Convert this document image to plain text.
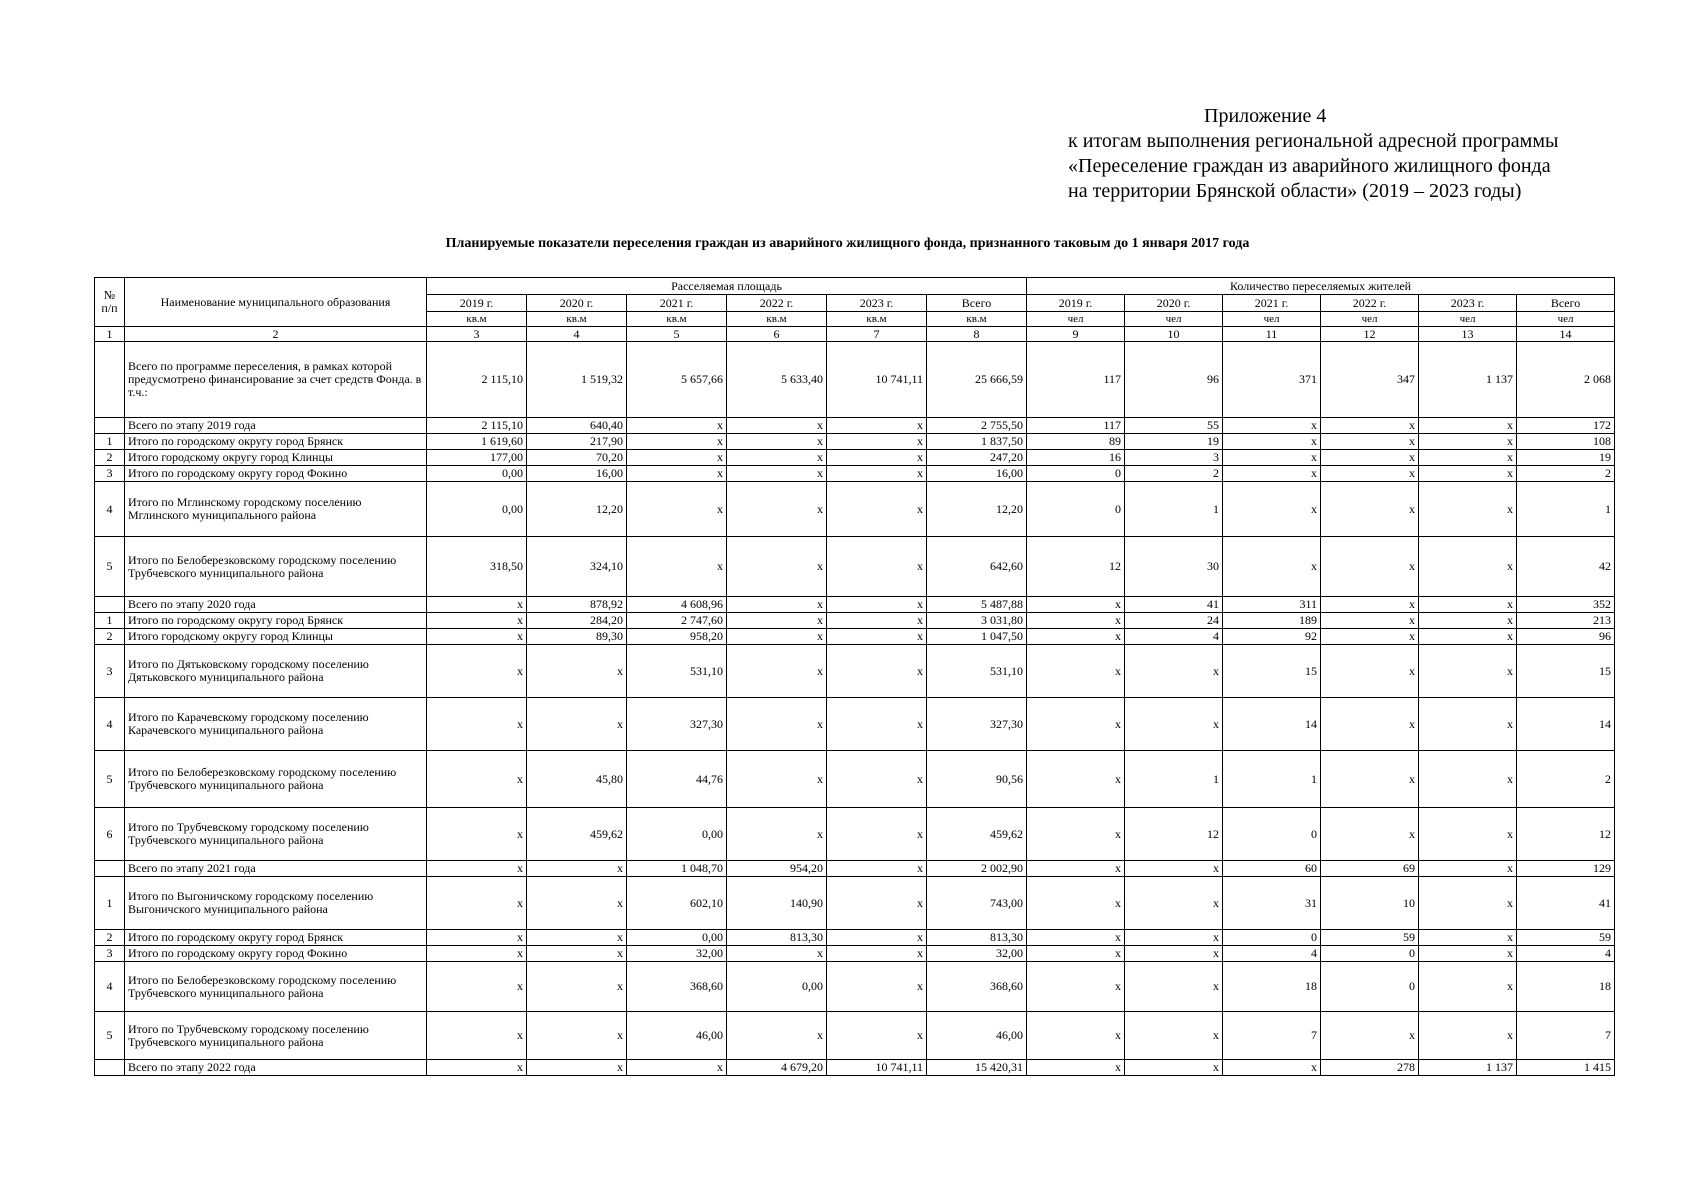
Приложение 4
к итогам выполнения региональной адресной программы
«Переселение граждан из аварийного жилищного фонда
на территории Брянской области» (2019 – 2023 годы)
Планируемые показатели переселения граждан из аварийного жилищного фонда, признанного таковым до 1 января 2017 года
№ п/п	Наименование муниципального образования	Расселяемая площадь						Количество переселяемых жителей					
		2019 г.	2020 г.	2021 г.	2022 г.	2023 г.	Всего	2019 г.	2020 г.	2021 г.	2022 г.	2023 г.	Всего
		кв.м	кв.м	кв.м	кв.м	кв.м	кв.м	чел	чел	чел	чел	чел	чел
1	2	3	4	5	6	7	8	9	10	11	12	13	14
	Всего по программе переселения, в рамках которой предусмотрено финансирование за счет средств Фонда. в т.ч.:	2 115,10	1 519,32	5 657,66	5 633,40	10 741,11	25 666,59	117	96	371	347	1 137	2 068
	Всего по этапу 2019 года	2 115,10	640,40	x	x	x	2 755,50	117	55	x	x	x	172
1	Итого по городскому округу город Брянск	1 619,60	217,90	x	x	x	1 837,50	89	19	x	x	x	108
2	Итого городскому округу город Клинцы	177,00	70,20	x	x	x	247,20	16	3	x	x	x	19
3	Итого по городскому округу город Фокино	0,00	16,00	x	x	x	16,00	0	2	x	x	x	2
4	Итого по Мглинскому городскому поселению Мглинского муниципального района	0,00	12,20	x	x	x	12,20	0	1	x	x	x	1
5	Итого по Белоберезковскому городскому поселению Трубчевского муниципального района	318,50	324,10	x	x	x	642,60	12	30	x	x	x	42
	Всего по этапу 2020 года	x	878,92	4 608,96	x	x	5 487,88	x	41	311	x	x	352
1	Итого по городскому округу город Брянск	x	284,20	2 747,60	x	x	3 031,80	x	24	189	x	x	213
2	Итого городскому округу город Клинцы	x	89,30	958,20	x	x	1 047,50	x	4	92	x	x	96
3	Итого по Дятьковскому городскому поселению Дятьковского муниципального района	x	x	531,10	x	x	531,10	x	x	15	x	x	15
4	Итого по Карачевскому городскому поселению Карачевского муниципального района	x	x	327,30	x	x	327,30	x	x	14	x	x	14
5	Итого по Белоберезковскому городскому поселению Трубчевского муниципального района	x	45,80	44,76	x	x	90,56	x	1	1	x	x	2
6	Итого по Трубчевскому городскому поселению Трубчевского муниципального района	x	459,62	0,00	x	x	459,62	x	12	0	x	x	12
	Всего по этапу 2021 года	x	x	1 048,70	954,20	x	2 002,90	x	x	60	69	x	129
1	Итого по Выгоничскому городскому поселению Выгоничского муниципального района	x	x	602,10	140,90	x	743,00	x	x	31	10	x	41
2	Итого по городскому округу город Брянск	x	x	0,00	813,30	x	813,30	x	x	0	59	x	59
3	Итого по городскому округу город Фокино	x	x	32,00	x	x	32,00	x	x	4	0	x	4
4	Итого по Белоберезковскому городскому поселению Трубчевского муниципального района	x	x	368,60	0,00	x	368,60	x	x	18	0	x	18
5	Итого по Трубчевскому городскому поселению Трубчевского муниципального района	x	x	46,00	x	x	46,00	x	x	7	x	x	7
	Всего по этапу 2022 года	x	x	x	4 679,20	10 741,11	15 420,31	x	x	x	278	1 137	1 415
